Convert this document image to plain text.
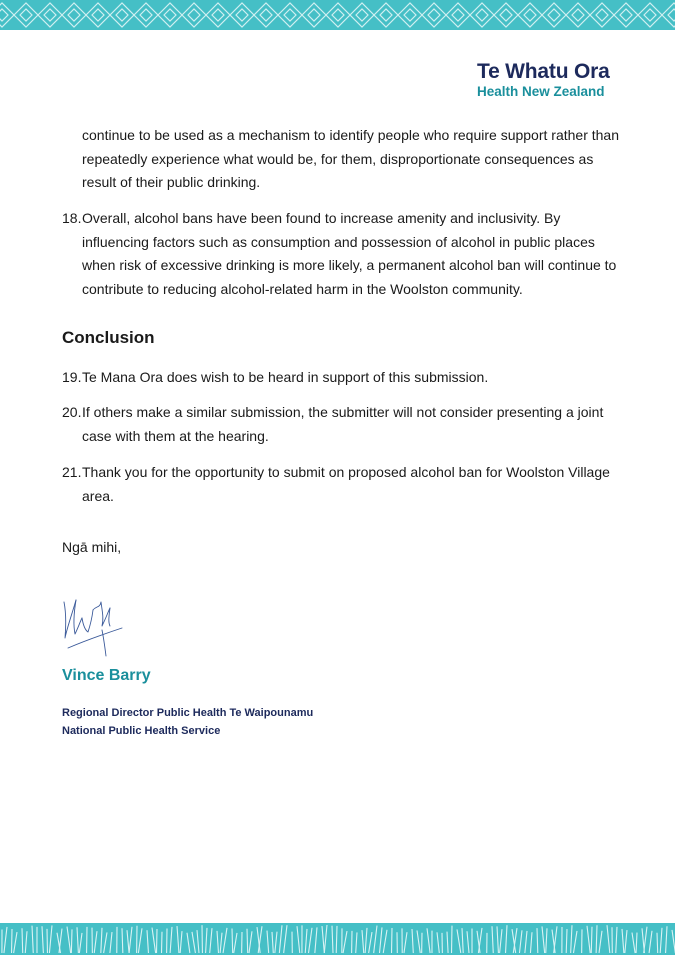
Te Whatu Ora
Health New Zealand

continue to be used as a mechanism to identify people who require support rather than repeatedly experience what would be, for them, disproportionate consequences as result of their public drinking.

18. Overall, alcohol bans have been found to increase amenity and inclusivity. By influencing factors such as consumption and possession of alcohol in public places when risk of excessive drinking is more likely, a permanent alcohol ban will continue to contribute to reducing alcohol-related harm in the Woolston community.
Conclusion
19. Te Mana Ora does wish to be heard in support of this submission.
20. If others make a similar submission, the submitter will not consider presenting a joint case with them at the hearing.
21. Thank you for the opportunity to submit on proposed alcohol ban for Woolston Village area.

Ngā mihi,

Vince Barry

Regional Director Public Health Te Waipounamu

National Public Health Service
